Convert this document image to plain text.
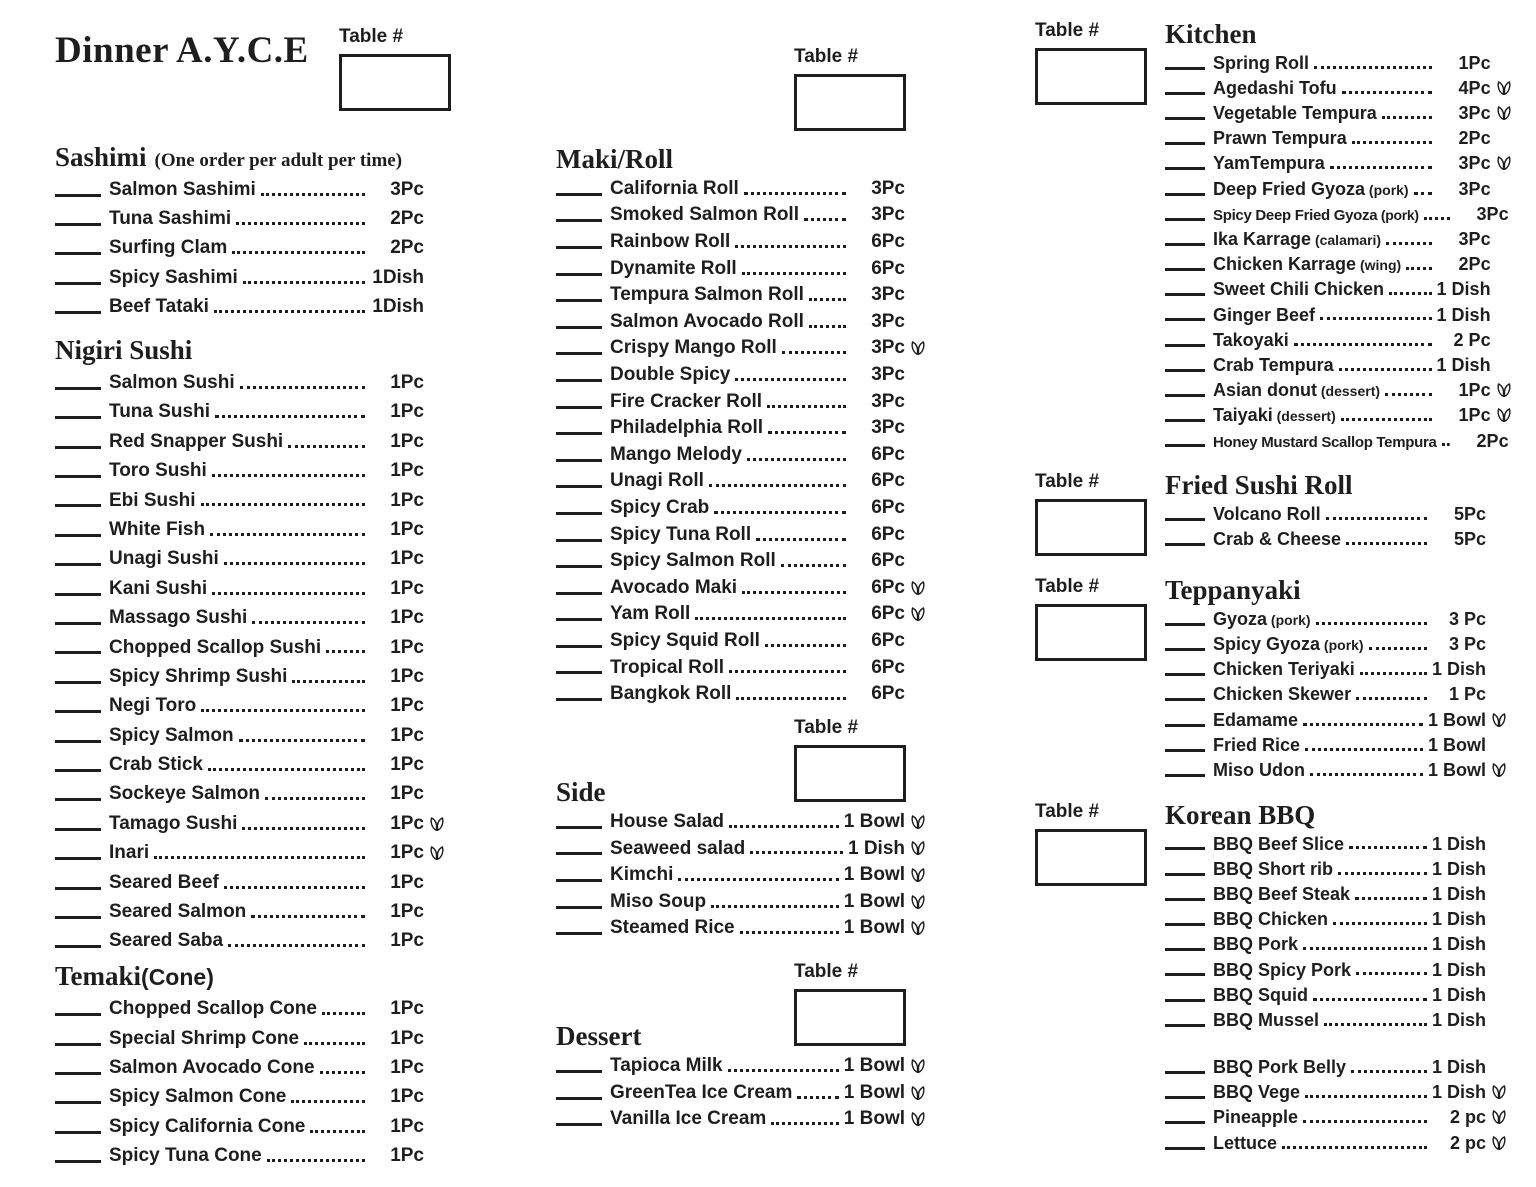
Dinner A.Y.C.E Table #
Sashimi (One order per adult per time)
Salmon Sashimi	3Pc
Tuna Sashimi	2Pc
Surfing Clam	2Pc
Spicy Sashimi	1Dish
Beef Tataki	1Dish
Nigiri Sushi
Salmon Sushi	1Pc
Tuna Sushi	1Pc
Red Snapper Sushi	1Pc
Toro Sushi	1Pc
Ebi Sushi	1Pc
White Fish	1Pc
Unagi Sushi	1Pc
Kani Sushi	1Pc
Massago Sushi	1Pc
Chopped Scallop Sushi	1Pc
Spicy Shrimp Sushi	1Pc
Negi Toro	1Pc
Spicy Salmon	1Pc
Crab Stick	1Pc
Sockeye Salmon	1Pc
Tamago Sushi	1Pc
Inari	1Pc
Seared Beef	1Pc
Seared Salmon	1Pc
Seared Saba	1Pc
Temaki(Cone)
Chopped Scallop Cone	1Pc
Special Shrimp Cone	1Pc
Salmon Avocado Cone	1Pc
Spicy Salmon Cone	1Pc
Spicy California Cone	1Pc
Spicy Tuna Cone	1Pc
Table #
Maki/Roll
California Roll	3Pc
Smoked Salmon Roll	3Pc
Rainbow Roll	6Pc
Dynamite Roll	6Pc
Tempura Salmon Roll	3Pc
Salmon Avocado Roll	3Pc
Crispy Mango Roll	3Pc
Double Spicy	3Pc
Fire Cracker Roll	3Pc
Philadelphia Roll	3Pc
Mango Melody	6Pc
Unagi Roll	6Pc
Spicy Crab	6Pc
Spicy Tuna Roll	6Pc
Spicy Salmon Roll	6Pc
Avocado Maki	6Pc
Yam Roll	6Pc
Spicy Squid Roll	6Pc
Tropical Roll	6Pc
Bangkok Roll	6Pc
Table #
Side
House Salad	1 Bowl
Seaweed salad	1 Dish
Kimchi	1 Bowl
Miso Soup	1 Bowl
Steamed Rice	1 Bowl
Table #
Dessert
Tapioca Milk	1 Bowl
GreenTea Ice Cream	1 Bowl
Vanilla Ice Cream	1 Bowl
Table #	Kitchen
Spring Roll	1Pc
Agedashi Tofu	4Pc
Vegetable Tempura	3Pc
Prawn Tempura	2Pc
YamTempura	3Pc
Deep Fried Gyoza (pork)	3Pc
Spicy Deep Fried Gyoza (pork)	3Pc
Ika Karrage (calamari)	3Pc
Chicken Karrage (wing)	2Pc
Sweet Chili Chicken	1 Dish
Ginger Beef	1 Dish
Takoyaki	2 Pc
Crab Tempura	1 Dish
Asian donut (dessert)	1Pc
Taiyaki (dessert)	1Pc
Honey Mustard Scallop Tempura	2Pc
Table #	Fried Sushi Roll
Volcano Roll	5Pc
Crab & Cheese	5Pc
Table #	Teppanyaki
Gyoza (pork)	3 Pc
Spicy Gyoza (pork)	3 Pc
Chicken Teriyaki	1 Dish
Chicken Skewer	1 Pc
Edamame	1 Bowl
Fried Rice	1 Bowl
Miso Udon	1 Bowl
Table #	Korean BBQ
BBQ Beef Slice	1 Dish
BBQ Short rib	1 Dish
BBQ Beef Steak	1 Dish
BBQ Chicken	1 Dish
BBQ Pork	1 Dish
BBQ Spicy Pork	1 Dish
BBQ Squid	1 Dish
BBQ Mussel	1 Dish
BBQ Pork Belly	1 Dish
BBQ Vege	1 Dish
Pineapple	2 pc
Lettuce	2 pc
